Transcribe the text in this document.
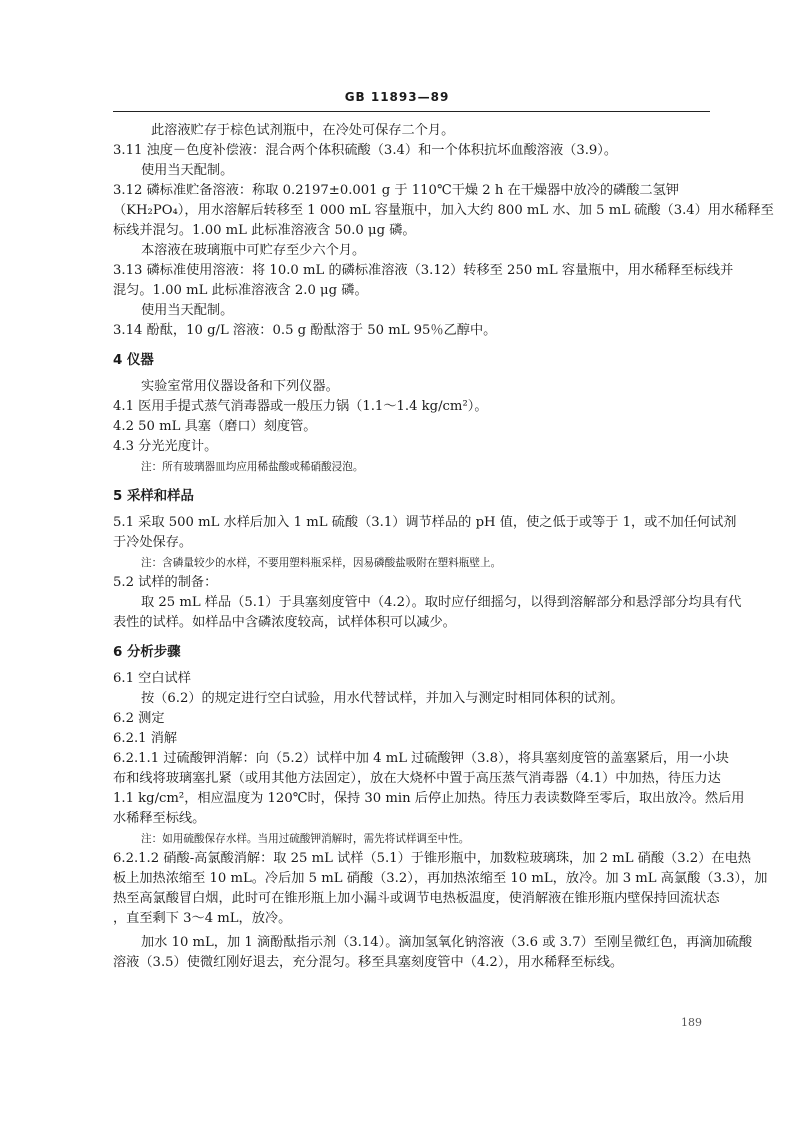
GB 11893—89

此溶液贮存于棕色试剂瓶中，在冷处可保存二个月。

3.11 浊度－色度补偿液：混合两个体积硫酸（3.4）和一个体积抗坏血酸溶液（3.9）。

使用当天配制。

3.12 磷标准贮备溶液：称取 0.2197±0.001 g 于 110℃干燥 2 h 在干燥器中放冷的磷酸二氢钾

（KH₂PO₄），用水溶解后转移至 1 000 mL 容量瓶中，加入大约 800 mL 水、加 5 mL 硫酸（3.4）用水稀释至

标线并混匀。1.00 mL 此标准溶液含 50.0 μg 磷。

本溶液在玻璃瓶中可贮存至少六个月。

3.13 磷标准使用溶液：将 10.0 mL 的磷标准溶液（3.12）转移至 250 mL 容量瓶中，用水稀释至标线并

混匀。1.00 mL 此标准溶液含 2.0 μg 磷。

使用当天配制。

3.14 酚酞，10 g/L 溶液：0.5 g 酚酞溶于 50 mL 95％乙醇中。

4 仪器

实验室常用仪器设备和下列仪器。

4.1 医用手提式蒸气消毒器或一般压力锅（1.1～1.4 kg/cm²）。

4.2 50 mL 具塞（磨口）刻度管。

4.3 分光光度计。

注：所有玻璃器皿均应用稀盐酸或稀硝酸浸泡。

5 采样和样品

5.1 采取 500 mL 水样后加入 1 mL 硫酸（3.1）调节样品的 pH 值，使之低于或等于 1，或不加任何试剂

于冷处保存。

注：含磷量较少的水样，不要用塑料瓶采样，因易磷酸盐吸附在塑料瓶壁上。

5.2 试样的制备：

取 25 mL 样品（5.1）于具塞刻度管中（4.2）。取时应仔细摇匀，以得到溶解部分和悬浮部分均具有代

表性的试样。如样品中含磷浓度较高，试样体积可以减少。

6 分析步骤

6.1 空白试样

按（6.2）的规定进行空白试验，用水代替试样，并加入与测定时相同体积的试剂。

6.2 测定

6.2.1 消解

6.2.1.1 过硫酸钾消解：向（5.2）试样中加 4 mL 过硫酸钾（3.8），将具塞刻度管的盖塞紧后，用一小块

布和线将玻璃塞扎紧（或用其他方法固定），放在大烧杯中置于高压蒸气消毒器（4.1）中加热，待压力达

1.1 kg/cm²，相应温度为 120℃时，保持 30 min 后停止加热。待压力表读数降至零后，取出放冷。然后用

水稀释至标线。

注：如用硫酸保存水样。当用过硫酸钾消解时，需先将试样调至中性。

6.2.1.2 硝酸-高氯酸消解：取 25 mL 试样（5.1）于锥形瓶中，加数粒玻璃珠，加 2 mL 硝酸（3.2）在电热

板上加热浓缩至 10 mL。冷后加 5 mL 硝酸（3.2），再加热浓缩至 10 mL，放冷。加 3 mL 高氯酸（3.3），加

热至高氯酸冒白烟，此时可在锥形瓶上加小漏斗或调节电热板温度，使消解液在锥形瓶内壁保持回流状态

，直至剩下 3～4 mL，放冷。

加水 10 mL，加 1 滴酚酞指示剂（3.14）。滴加氢氧化钠溶液（3.6 或 3.7）至刚呈微红色，再滴加硫酸

溶液（3.5）使微红刚好退去，充分混匀。移至具塞刻度管中（4.2），用水稀释至标线。

189
